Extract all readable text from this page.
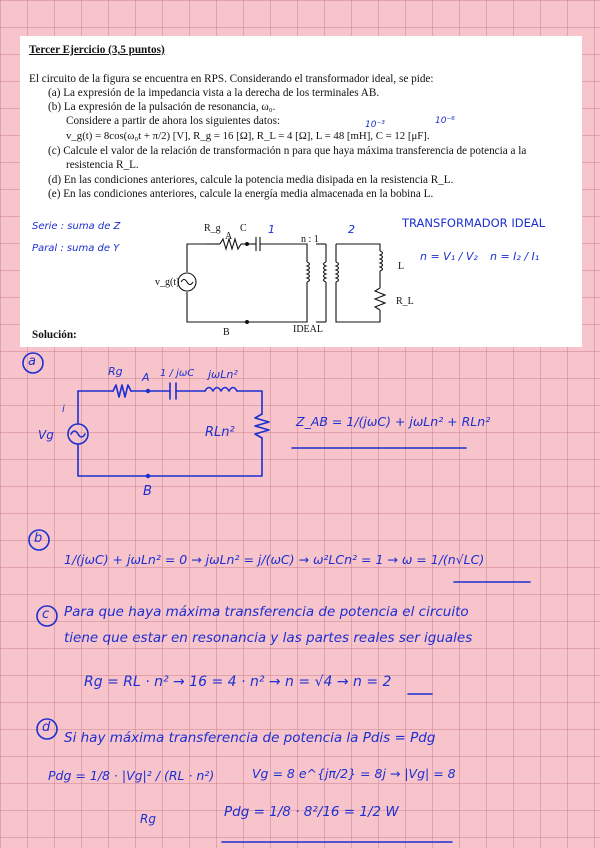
Tercer Ejercicio (3,5 puntos)
El circuito de la figura se encuentra en RPS. Considerando el transformador ideal, se pide:
(a) La expresión de la impedancia vista a la derecha de los terminales AB.
(b) La expresión de la pulsación de resonancia, ω₀.
Considere a partir de ahora los siguientes datos:
v_g(t) = 8cos(ω₀t + π/2) [V], R_g = 16 [Ω], R_L = 4 [Ω], L = 48 [mH], C = 12 [μF].
(c) Calcule el valor de la relación de transformación n para que haya máxima transferencia de potencia a la
resistencia R_L.
(d) En las condiciones anteriores, calcule la potencia media disipada en la resistencia R_L.
(e) En las condiciones anteriores, calcule la energía media almacenada en la bobina L.
10⁻³	10⁻⁶
Solución:
Serie : suma de Z
Paral : suma de Y
1	2	TRANSFORMADOR IDEAL
n = V₁ / V₂ n = I₂ / I₁
R_g
A
C
v_g(t)
B
n : 1
L
R_L
IDEAL
a
Rg A 1 / jωC jωLn²
i
Vg	RLn²
B
Z_AB = 1/(jωC) + jωLn² + RLn²
b
1/(jωC) + jωLn² = 0 → jωLn² = j/(ωC) → ω²LCn² = 1 → ω = 1/(n√LC)
c Para que haya máxima transferencia de potencia el circuito
tiene que estar en resonancia y las partes reales ser iguales
Rg = RL · n² → 16 = 4 · n² → n = √4 → n = 2
d
Si hay máxima transferencia de potencia la Pdis = Pdg
Pdg = 1/8 · |Vg|² / (RL · n²)
Rg
Vg = 8 e^{jπ/2} = 8j → |Vg| = 8
Pdg = 1/8 · 8²/16 = 1/2 W
